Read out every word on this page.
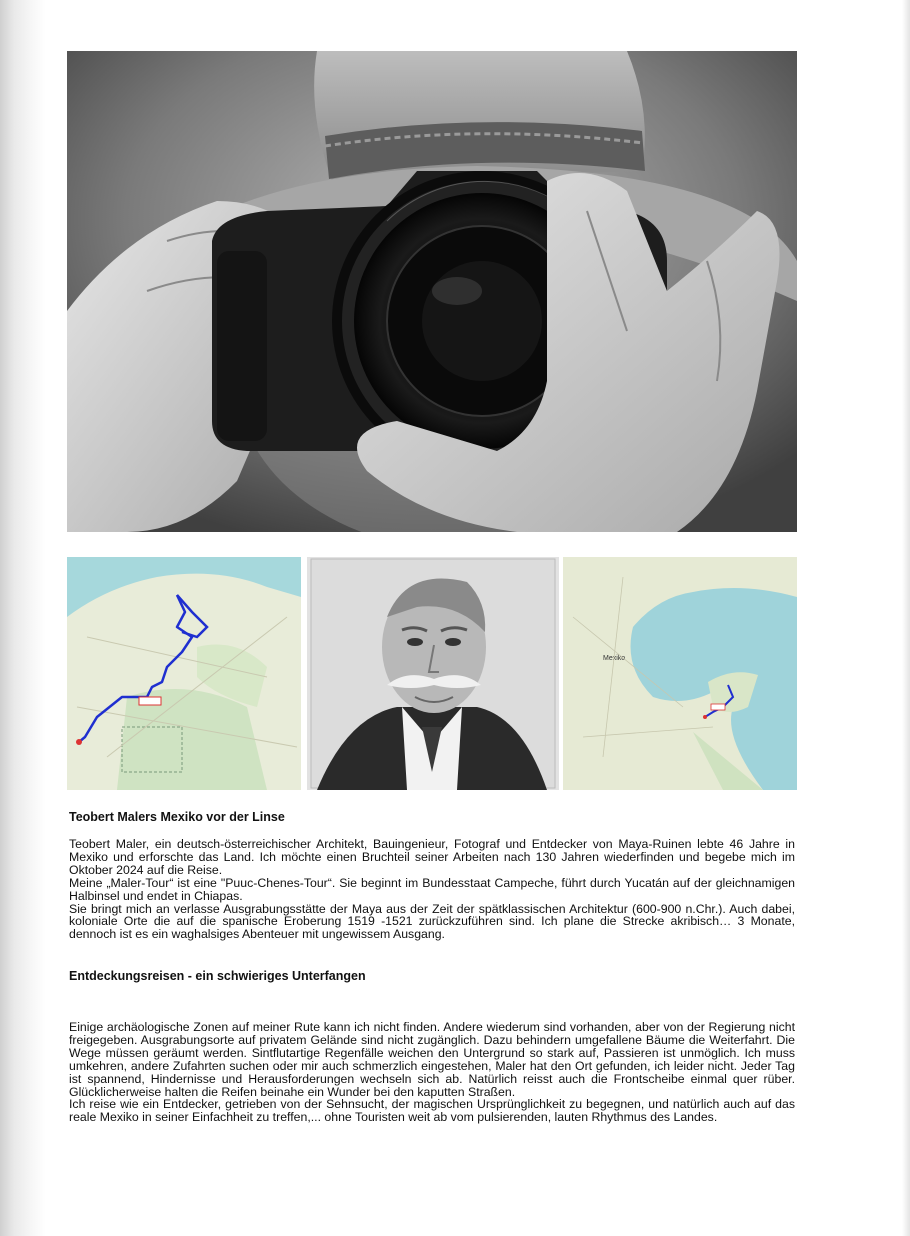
Mexiko
Teobert Malers Mexiko vor der Linse

Teobert Maler, ein deutsch-österreichischer Architekt, Bauingenieur, Fotograf und Entdecker von Maya-Ruinen lebte 46 Jahre in Mexiko und erforschte das Land. Ich möchte einen Bruchteil seiner Arbeiten nach 130 Jahren wiederfinden und begebe mich im Oktober 2024 auf die Reise.

Meine „Maler-Tour“ ist eine "Puuc-Chenes-Tour“. Sie beginnt im Bundesstaat Campeche, führt durch Yucatán auf der gleichnamigen Halbinsel und endet in Chiapas.

Sie bringt mich an verlasse Ausgrabungsstätte der Maya aus der Zeit der spätklassischen Architektur (600-900 n.Chr.). Auch dabei, koloniale Orte die auf die spanische Eroberung 1519 -1521 zurückzuführen sind. Ich plane die Strecke akribisch… 3 Monate, dennoch ist es ein waghalsiges Abenteuer mit ungewissem Ausgang.

Entdeckungsreisen - ein schwieriges Unterfangen

Einige archäologische Zonen auf meiner Rute kann ich nicht finden. Andere wiederum sind vorhanden, aber von der Regierung nicht freigegeben. Ausgrabungsorte auf privatem Gelände sind nicht zugänglich. Dazu behindern umgefallene Bäume die Weiterfahrt. Die Wege müssen geräumt werden. Sintflutartige Regenfälle weichen den Untergrund so stark auf, Passieren ist unmöglich. Ich muss umkehren, andere Zufahrten suchen oder mir auch schmerzlich eingestehen, Maler hat den Ort gefunden, ich leider nicht. Jeder Tag ist spannend, Hindernisse und Herausforderungen wechseln sich ab. Natürlich reisst auch die Frontscheibe einmal quer rüber. Glücklicherweise halten die Reifen beinahe ein Wunder bei den kaputten Straßen.

Ich reise wie ein Entdecker, getrieben von der Sehnsucht, der magischen Ursprünglichkeit zu begegnen, und natürlich auch auf das reale Mexiko in seiner Einfachheit zu treffen,... ohne Touristen weit ab vom pulsierenden, lauten Rhythmus des Landes.
